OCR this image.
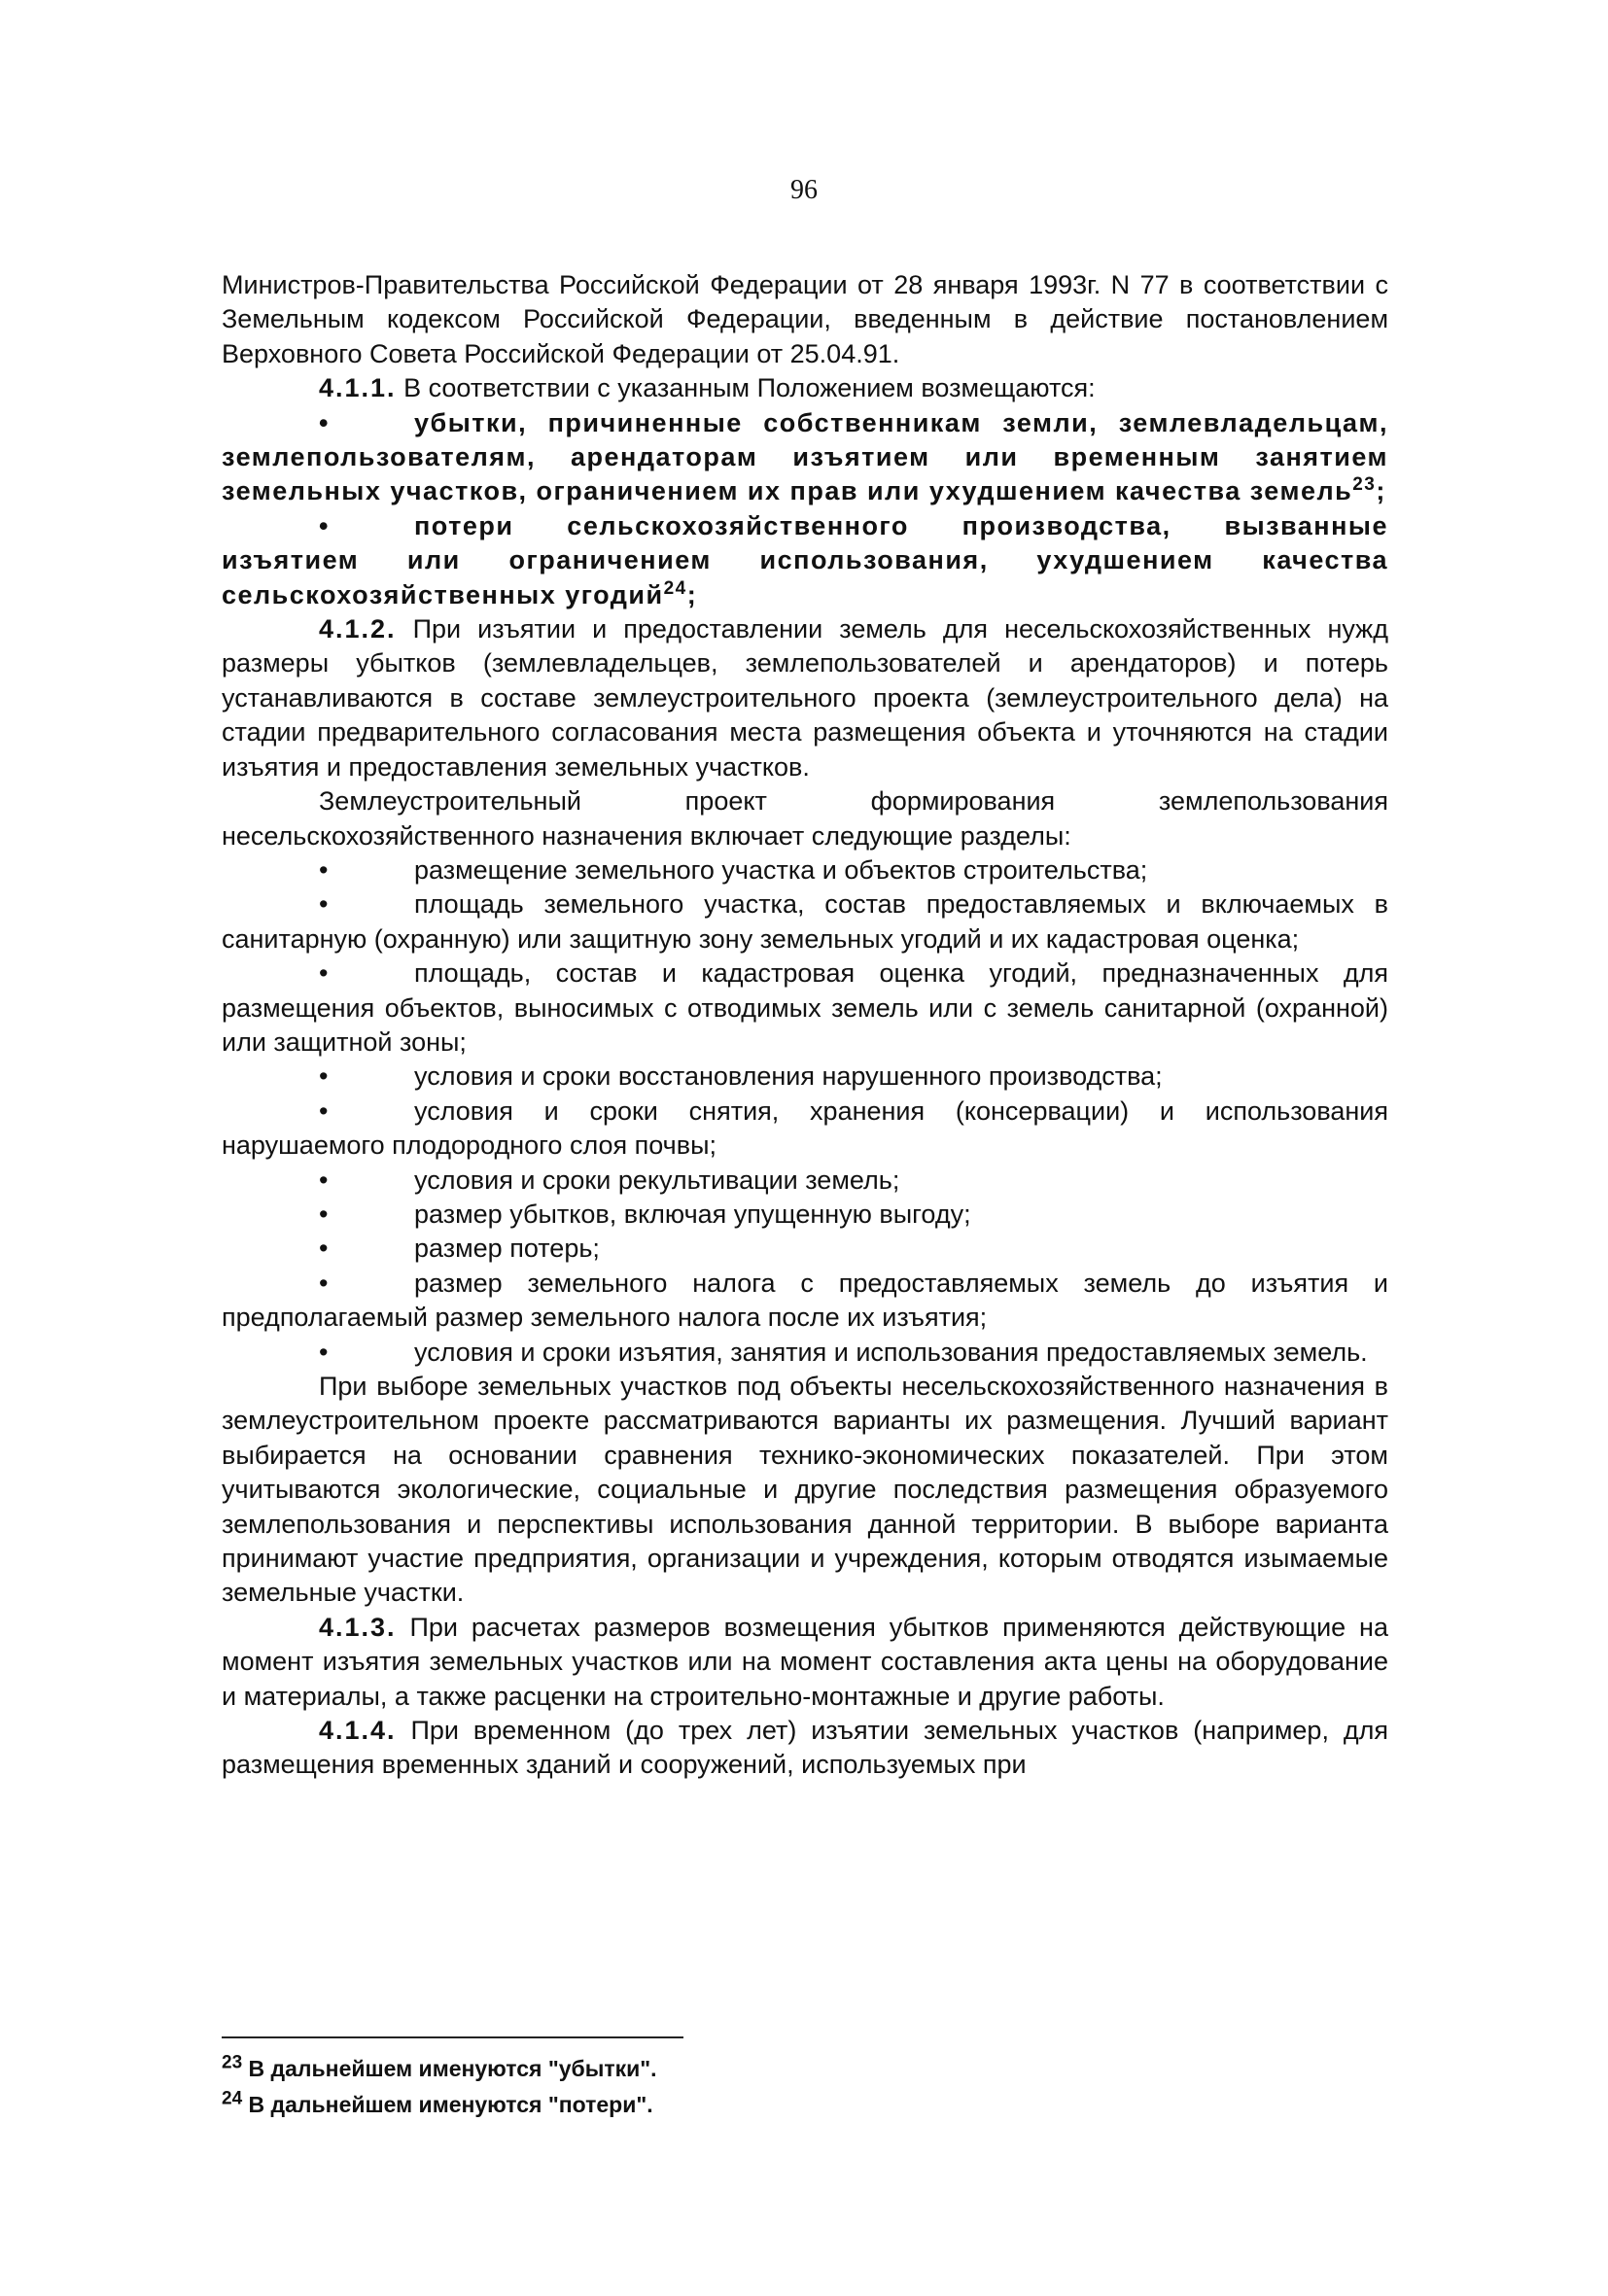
96

Министров-Правительства Российской Федерации от 28 января 1993г. N 77 в соответствии с Земельным кодексом Российской Федерации, введенным в действие постановлением Верховного Совета Российской Федерации от 25.04.91.

4.1.1. В соответствии с указанным Положением возмещаются:

•	убытки, причиненные собственникам земли, землевладельцам, землепользователям, арендаторам изъятием или временным занятием земельных участков, ограничением их прав или ухудшением качества земель$^{23}$;

•	потери сельскохозяйственного производства, вызванные изъятием или ограничением использования, ухудшением качества сельскохозяйственных угодий$^{24}$;

4.1.2. При изъятии и предоставлении земель для несельскохозяйственных нужд размеры убытков (землевладельцев, землепользователей и арендаторов) и потерь устанавливаются в составе землеустроительного проекта (землеустроительного дела) на стадии предварительного согласования места размещения объекта и уточняются на стадии изъятия и предоставления земельных участков.

Землеустроительный проект формирования землепользования несельскохозяйственного назначения включает следующие разделы:

•	размещение земельного участка и объектов строительства;

•	площадь земельного участка, состав предоставляемых и включаемых в санитарную (охранную) или защитную зону земельных угодий и их кадастровая оценка;

•	площадь, состав и кадастровая оценка угодий, предназначенных для размещения объектов, выносимых с отводимых земель или с земель санитарной (охранной) или защитной зоны;

•	условия и сроки восстановления нарушенного производства;

•	условия и сроки снятия, хранения (консервации) и использования нарушаемого плодородного слоя почвы;

•	условия и сроки рекультивации земель;

•	размер убытков, включая упущенную выгоду;

•	размер потерь;

•	размер земельного налога с предоставляемых земель до изъятия и предполагаемый размер земельного налога после их изъятия;

•	условия и сроки изъятия, занятия и использования предоставляемых земель.

При выборе земельных участков под объекты несельскохозяйственного назначения в землеустроительном проекте рассматриваются варианты их размещения. Лучший вариант выбирается на основании сравнения технико-экономических показателей. При этом учитываются экологические, социальные и другие последствия размещения образуемого землепользования и перспективы использования данной территории. В выборе варианта принимают участие предприятия, организации и учреждения, которым отводятся изымаемые земельные участки.

4.1.3. При расчетах размеров возмещения убытков применяются действующие на момент изъятия земельных участков или на момент составления акта цены на оборудование и материалы, а также расценки на строительно-монтажные и другие работы.

4.1.4. При временном (до трех лет) изъятии земельных участков (например, для размещения временных зданий и сооружений, используемых при

$^{23}$ В дальнейшем именуются "убытки".

$^{24}$ В дальнейшем именуются "потери".
